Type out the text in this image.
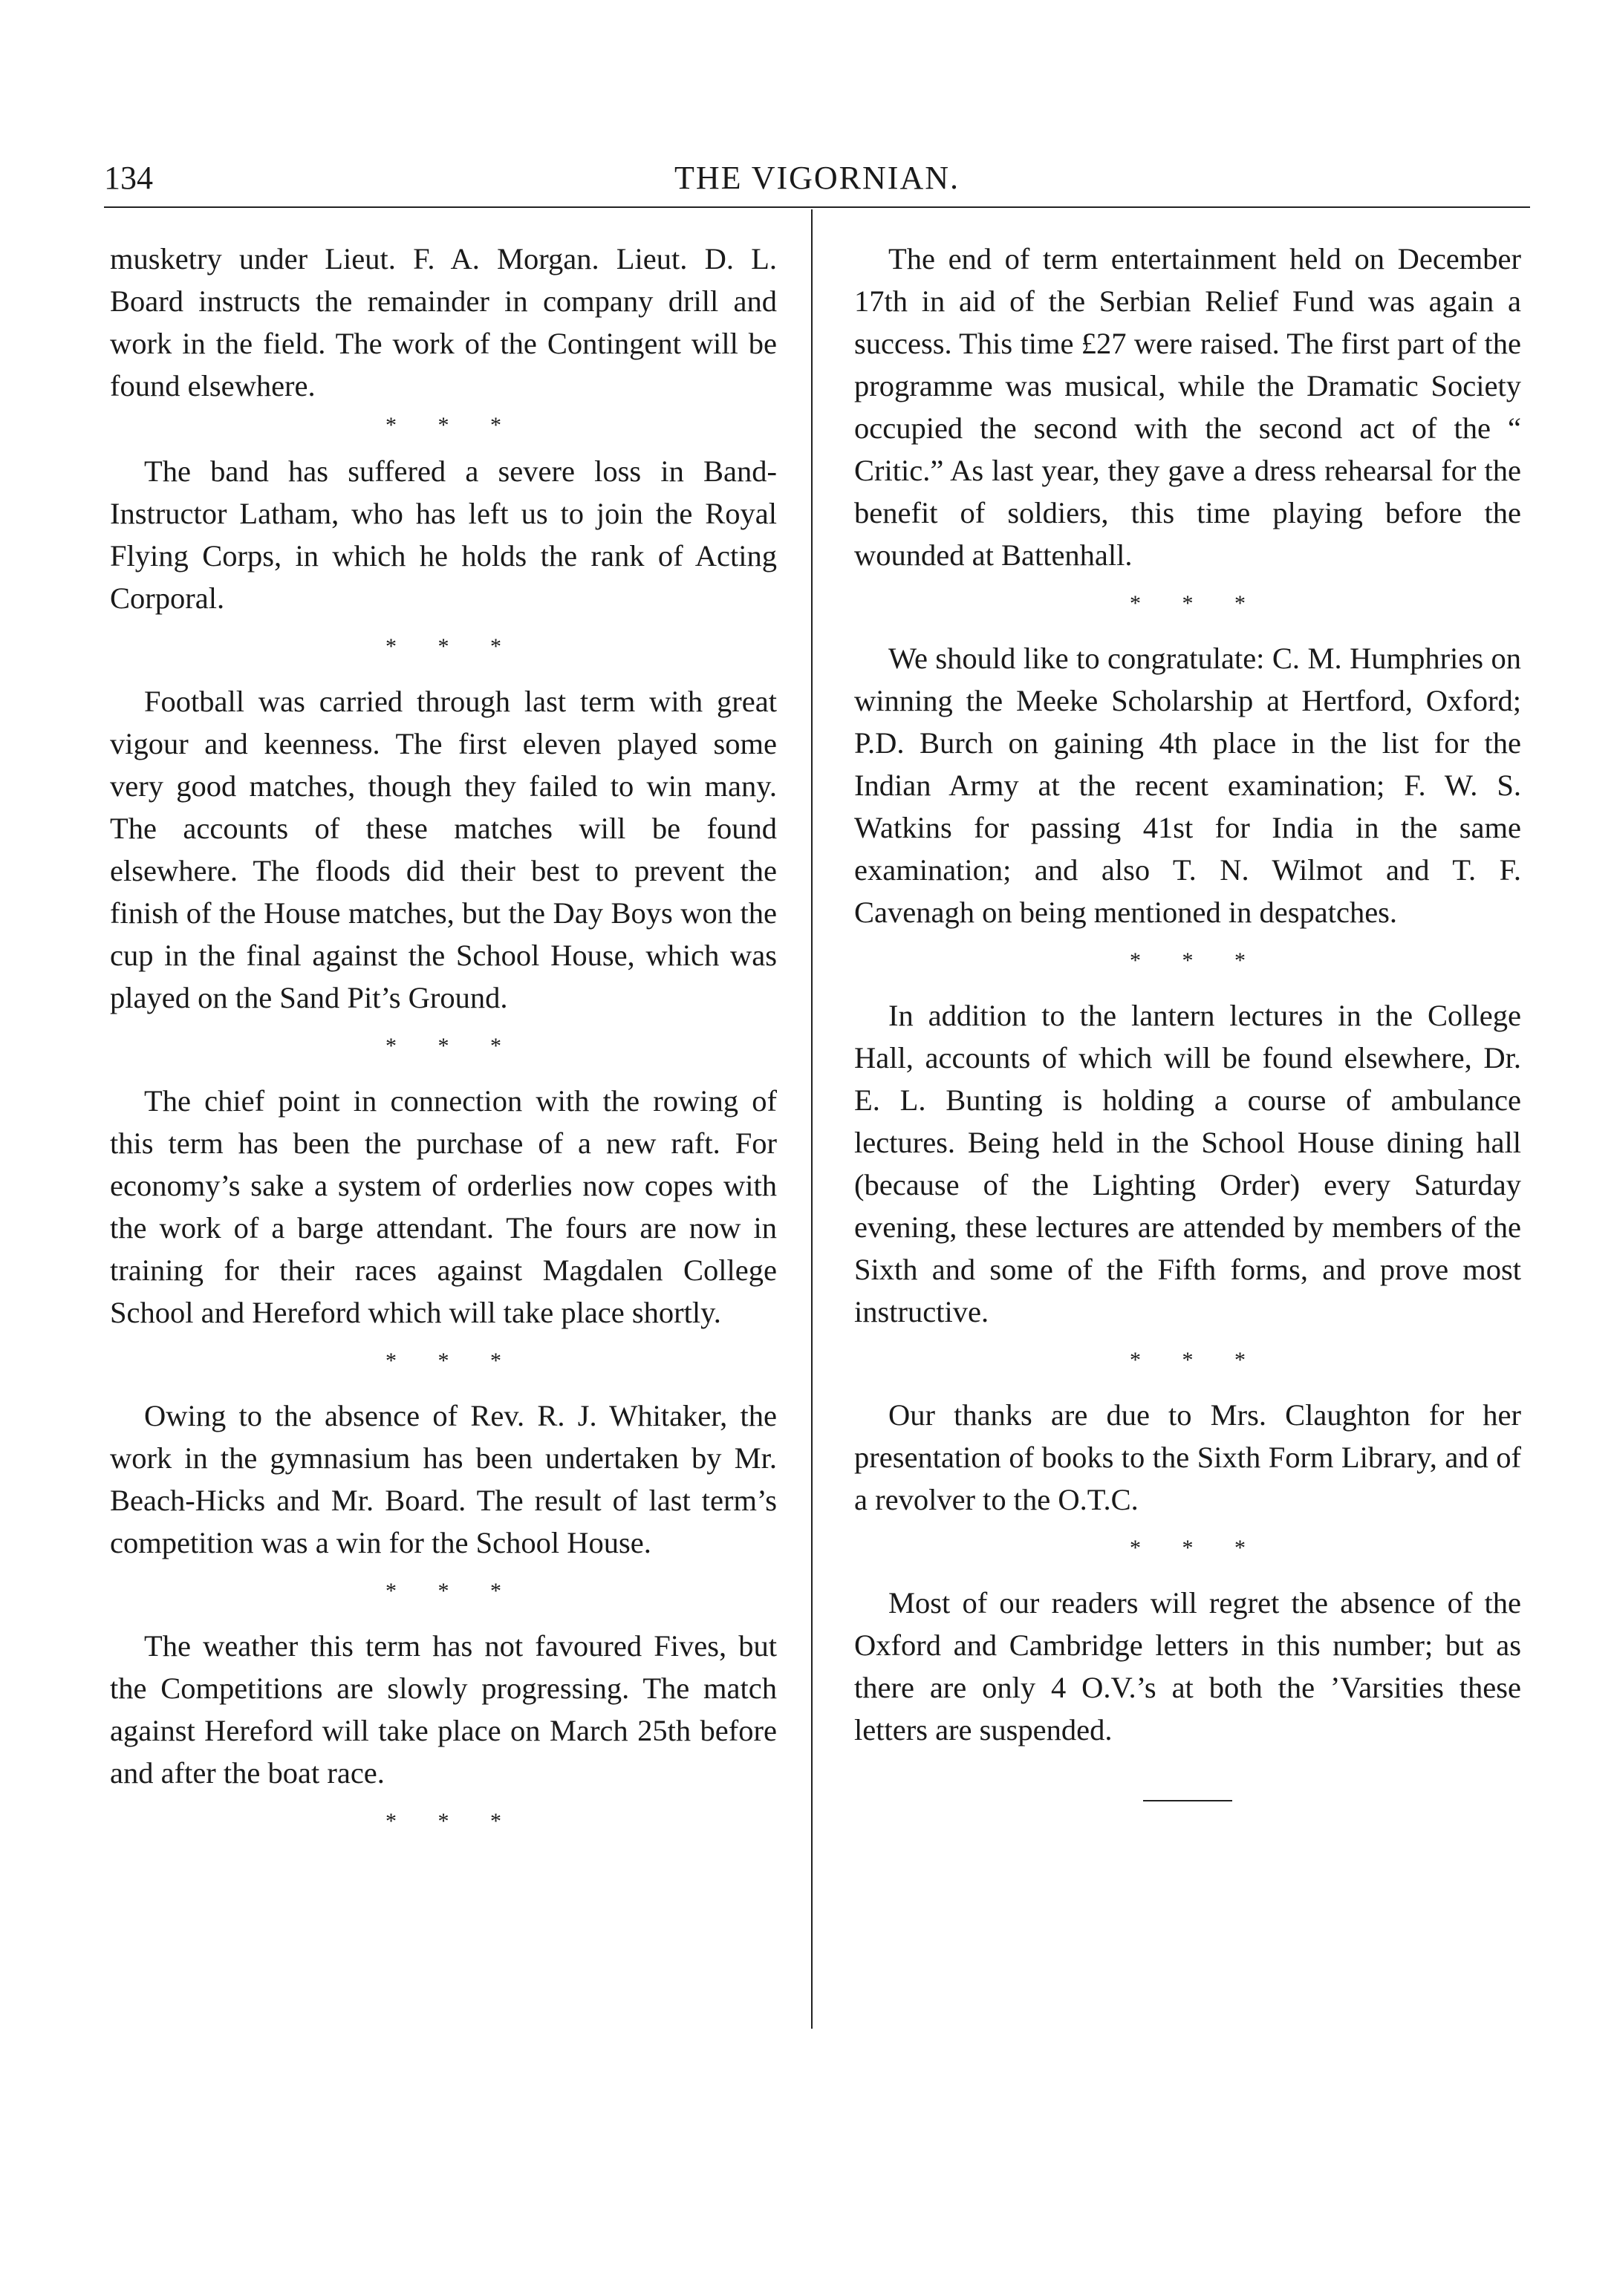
134	THE VIGORNIAN.

musketry under Lieut. F. A. Morgan. Lieut. D. L. Board instructs the remainder in company drill and work in the field. The work of the Contingent will be found elsewhere.

* * *

The band has suffered a severe loss in Band-Instructor Latham, who has left us to join the Royal Flying Corps, in which he holds the rank of Acting Corporal.

* * *

Football was carried through last term with great vigour and keenness. The first eleven played some very good matches, though they failed to win many. The accounts of these matches will be found elsewhere. The floods did their best to prevent the finish of the House matches, but the Day Boys won the cup in the final against the School House, which was played on the Sand Pit’s Ground.

* * *

The chief point in connection with the rowing of this term has been the purchase of a new raft. For economy’s sake a system of orderlies now copes with the work of a barge attendant. The fours are now in training for their races against Magdalen College School and Hereford which will take place shortly.

* * *

Owing to the absence of Rev. R. J. Whitaker, the work in the gymnasium has been undertaken by Mr. Beach-Hicks and Mr. Board. The result of last term’s competition was a win for the School House.

* * *

The weather this term has not favoured Fives, but the Competitions are slowly progressing. The match against Hereford will take place on March 25th before and after the boat race.

* * *

The end of term entertainment held on December 17th in aid of the Serbian Relief Fund was again a success. This time £27 were raised. The first part of the programme was musical, while the Dramatic Society occupied the second with the second act of the “ Critic.” As last year, they gave a dress rehearsal for the benefit of soldiers, this time playing before the wounded at Battenhall.

* * *

We should like to congratulate: C. M. Humphries on winning the Meeke Scholarship at Hertford, Oxford; P.D. Burch on gaining 4th place in the list for the Indian Army at the recent examination; F. W. S. Watkins for passing 41st for India in the same examination; and also T. N. Wilmot and T. F. Cavenagh on being mentioned in despatches.

* * *

In addition to the lantern lectures in the College Hall, accounts of which will be found elsewhere, Dr. E. L. Bunting is holding a course of ambulance lectures. Being held in the School House dining hall (because of the Lighting Order) every Saturday evening, these lectures are attended by members of the Sixth and some of the Fifth forms, and prove most instructive.

* * *

Our thanks are due to Mrs. Claughton for her presentation of books to the Sixth Form Library, and of a revolver to the O.T.C.

* * *

Most of our readers will regret the absence of the Oxford and Cambridge letters in this number; but as there are only 4 O.V.’s at both the ’Varsities these letters are suspended.
